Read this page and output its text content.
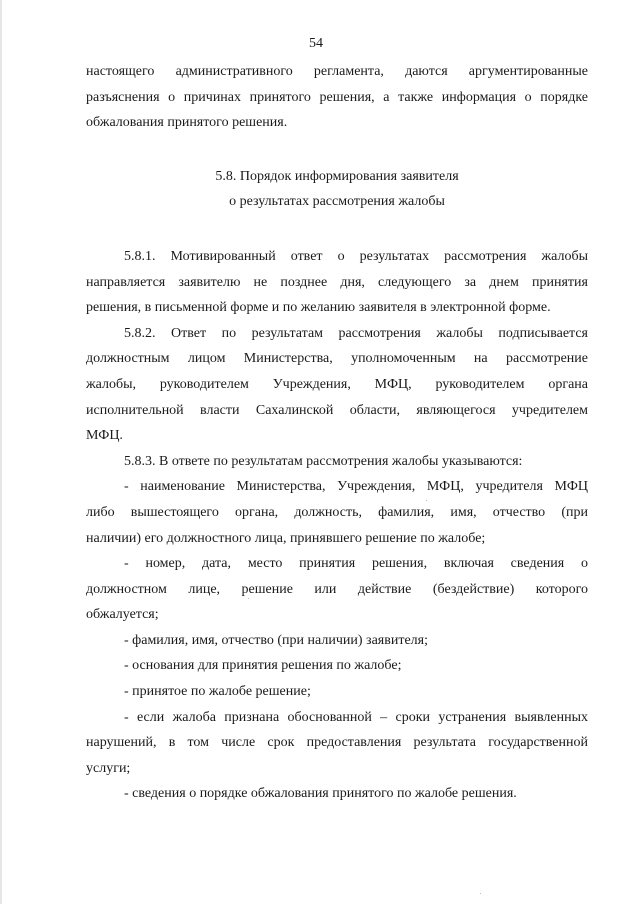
54

настоящего административного регламента, даются аргументированные

разъяснения о причинах принятого решения, а также информация о порядке

обжалования принятого решения.

5.8. Порядок информирования заявителя
о результатах рассмотрения жалобы

5.8.1. Мотивированный ответ о результатах рассмотрения жалобы

направляется заявителю не позднее дня, следующего за днем принятия

решения, в письменной форме и по желанию заявителя в электронной форме.

5.8.2. Ответ по результатам рассмотрения жалобы подписывается

должностным лицом Министерства, уполномоченным на рассмотрение

жалобы, руководителем Учреждения, МФЦ, руководителем органа

исполнительной власти Сахалинской области, являющегося учредителем

МФЦ.

5.8.3. В ответе по результатам рассмотрения жалобы указываются:

- наименование Министерства, Учреждения, МФЦ, учредителя МФЦ

либо вышестоящего органа, должность, фамилия, имя, отчество (при

наличии) его должностного лица, принявшего решение по жалобе;

- номер, дата, место принятия решения, включая сведения о

должностном лице, решение или действие (бездействие) которого

обжалуется;

- фамилия, имя, отчество (при наличии) заявителя;

- основания для принятия решения по жалобе;

- принятое по жалобе решение;

- если жалоба признана обоснованной – сроки устранения выявленных

нарушений, в том числе срок предоставления результата государственной

услуги;

- сведения о порядке обжалования принятого по жалобе решения.
